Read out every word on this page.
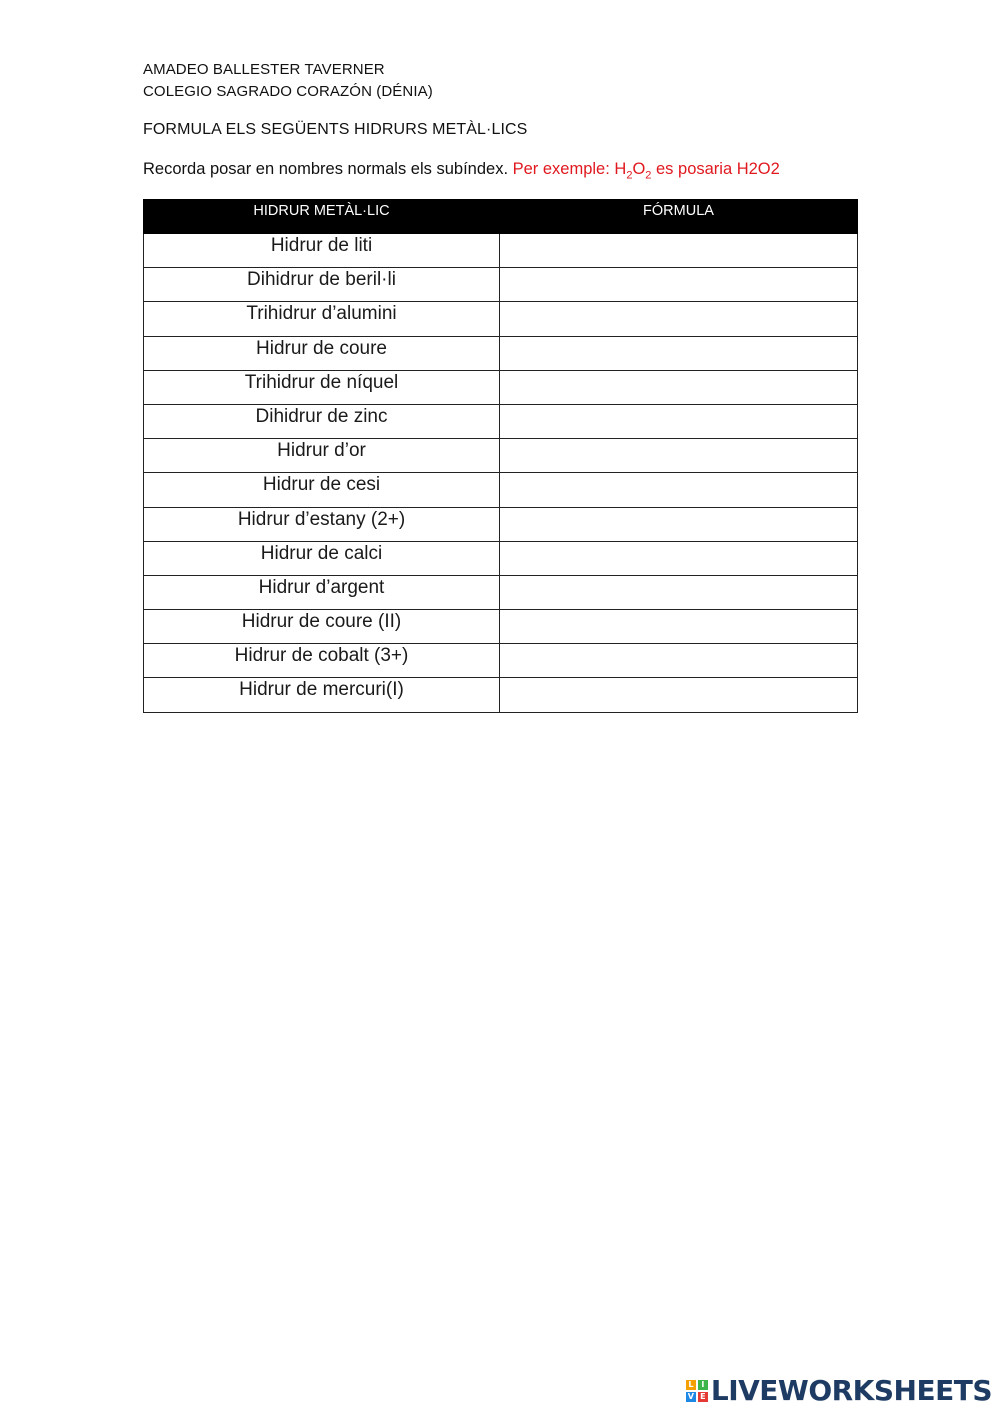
AMADEO BALLESTER TAVERNER
COLEGIO SAGRADO CORAZÓN (DÉNIA)
FORMULA ELS SEGÜENTS HIDRURS METÀL·LICS
Recorda posar en nombres normals els subíndex. Per exemple: $H_2O_2$ es posaria H2O2
HIDRUR METÀL·LIC	FÓRMULA
Hidrur de liti	
Dihidrur de beril·li	
Trihidrur d’alumini	
Hidrur de coure	
Trihidrur de níquel	
Dihidrur de zinc	
Hidrur d’or	
Hidrur de cesi	
Hidrur d’estany (2+)	
Hidrur de calci	
Hidrur d’argent	
Hidrur de coure (II)	
Hidrur de cobalt (3+)	
Hidrur de mercuri(I)	
L I
V E LIVEWORKSHEETS
